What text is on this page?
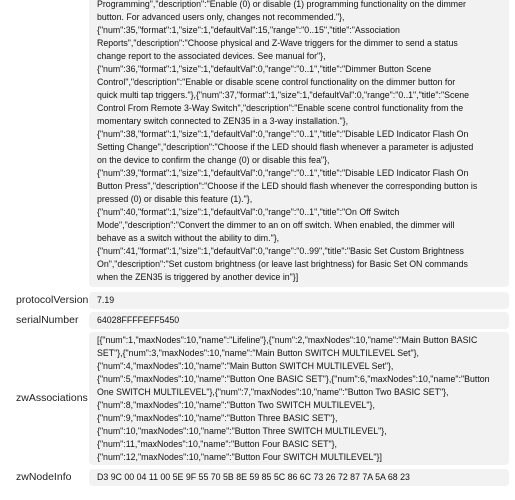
Programming","description":"Enable (0) or disable (1) programming functionality on the dimmer
button. For advanced users only, changes not recommended."},
{"num":35,"format":1,"size":1,"defaultVal":15,"range":"0..15","title":"Association
Reports","description":"Choose physical and Z-Wave triggers for the dimmer to send a status
change report to the associated devices. See manual for"},
{"num":36,"format":1,"size":1,"defaultVal":0,"range":"0..1","title":"Dimmer Button Scene
Control","description":"Enable or disable scene control functionality on the dimmer button for
quick multi tap triggers."},{"num":37,"format":1,"size":1,"defaultVal":0,"range":"0..1","title":"Scene
Control From Remote 3-Way Switch","description":"Enable scene control functionality from the
momentary switch connected to ZEN35 in a 3-way installation."},
{"num":38,"format":1,"size":1,"defaultVal":0,"range":"0..1","title":"Disable LED Indicator Flash On
Setting Change","description":"Choose if the LED should flash whenever a parameter is adjusted
on the device to confirm the change (0) or disable this fea"},
{"num":39,"format":1,"size":1,"defaultVal":0,"range":"0..1","title":"Disable LED Indicator Flash On
Button Press","description":"Choose if the LED should flash whenever the corresponding button is
pressed (0) or disable this feature (1)."},
{"num":40,"format":1,"size":1,"defaultVal":0,"range":"0..1","title":"On Off Switch
Mode","description":"Convert the dimmer to an on off switch. When enabled, the dimmer will
behave as a switch without the ability to dim."},
{"num":41,"format":1,"size":1,"defaultVal":0,"range":"0..99","title":"Basic Set Custom Brightness
On","description":"Set custom brightness (or leave last brightness) for Basic Set ON commands
when the ZEN35 is triggered by another device in"}]
protocolVersion 7.19
serialNumber 64028FFFFEFF5450
zwAssociations
[{"num":1,"maxNodes":10,"name":"Lifeline"},{"num":2,"maxNodes":10,"name":"Main Button BASIC
SET"},{"num":3,"maxNodes":10,"name":"Main Button SWITCH MULTILEVEL Set"},
{"num":4,"maxNodes":10,"name":"Main Button SWITCH MULTILEVEL Set"},
{"num":5,"maxNodes":10,"name":"Button One BASIC SET"},{"num":6,"maxNodes":10,"name":"Button
One SWITCH MULTILEVEL"},{"num":7,"maxNodes":10,"name":"Button Two BASIC SET"},
{"num":8,"maxNodes":10,"name":"Button Two SWITCH MULTILEVEL"},
{"num":9,"maxNodes":10,"name":"Button Three BASIC SET"},
{"num":10,"maxNodes":10,"name":"Button Three SWITCH MULTILEVEL"},
{"num":11,"maxNodes":10,"name":"Button Four BASIC SET"},
{"num":12,"maxNodes":10,"name":"Button Four SWITCH MULTILEVEL"}]
zwNodeInfo	D3 9C 00 04 11 00 5E 9F 55 70 5B 8E 59 85 5C 86 6C 73 26 72 87 7A 5A 68 23
